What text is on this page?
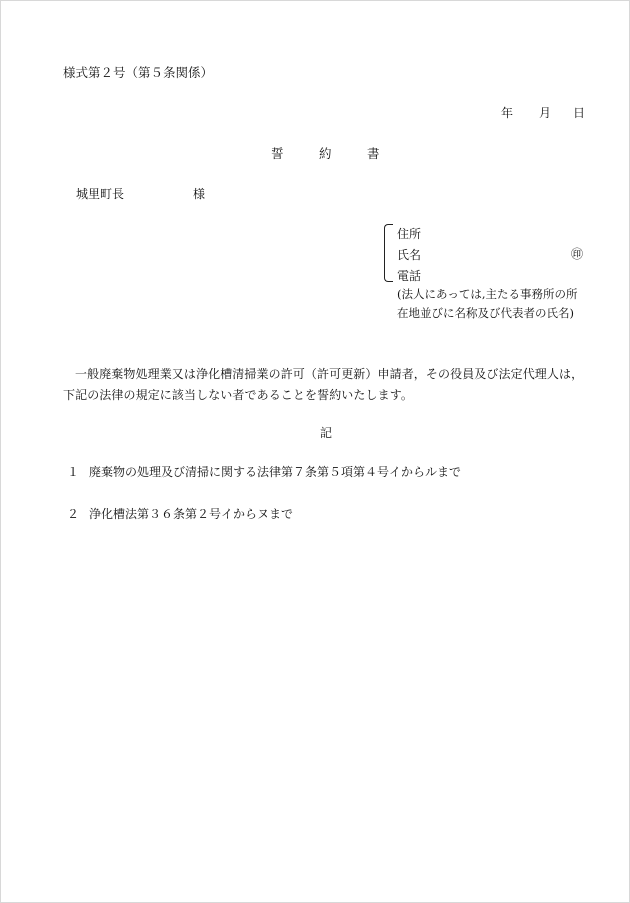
様式第２号（第５条関係）
年 月 日
誓	約	書
城里町長	様
住所
氏名	㊞
電話
(法人にあっては,主たる事務所の所
在地並びに名称及び代表者の氏名)
一般廃棄物処理業又は浄化槽清掃業の許可（許可更新）申請者，その役員及び法定代理人は，下記の法律の規定に該当しない者であることを誓約いたします。
記
１ 廃棄物の処理及び清掃に関する法律第７条第５項第４号イからルまで
２ 浄化槽法第３６条第２号イからヌまで
